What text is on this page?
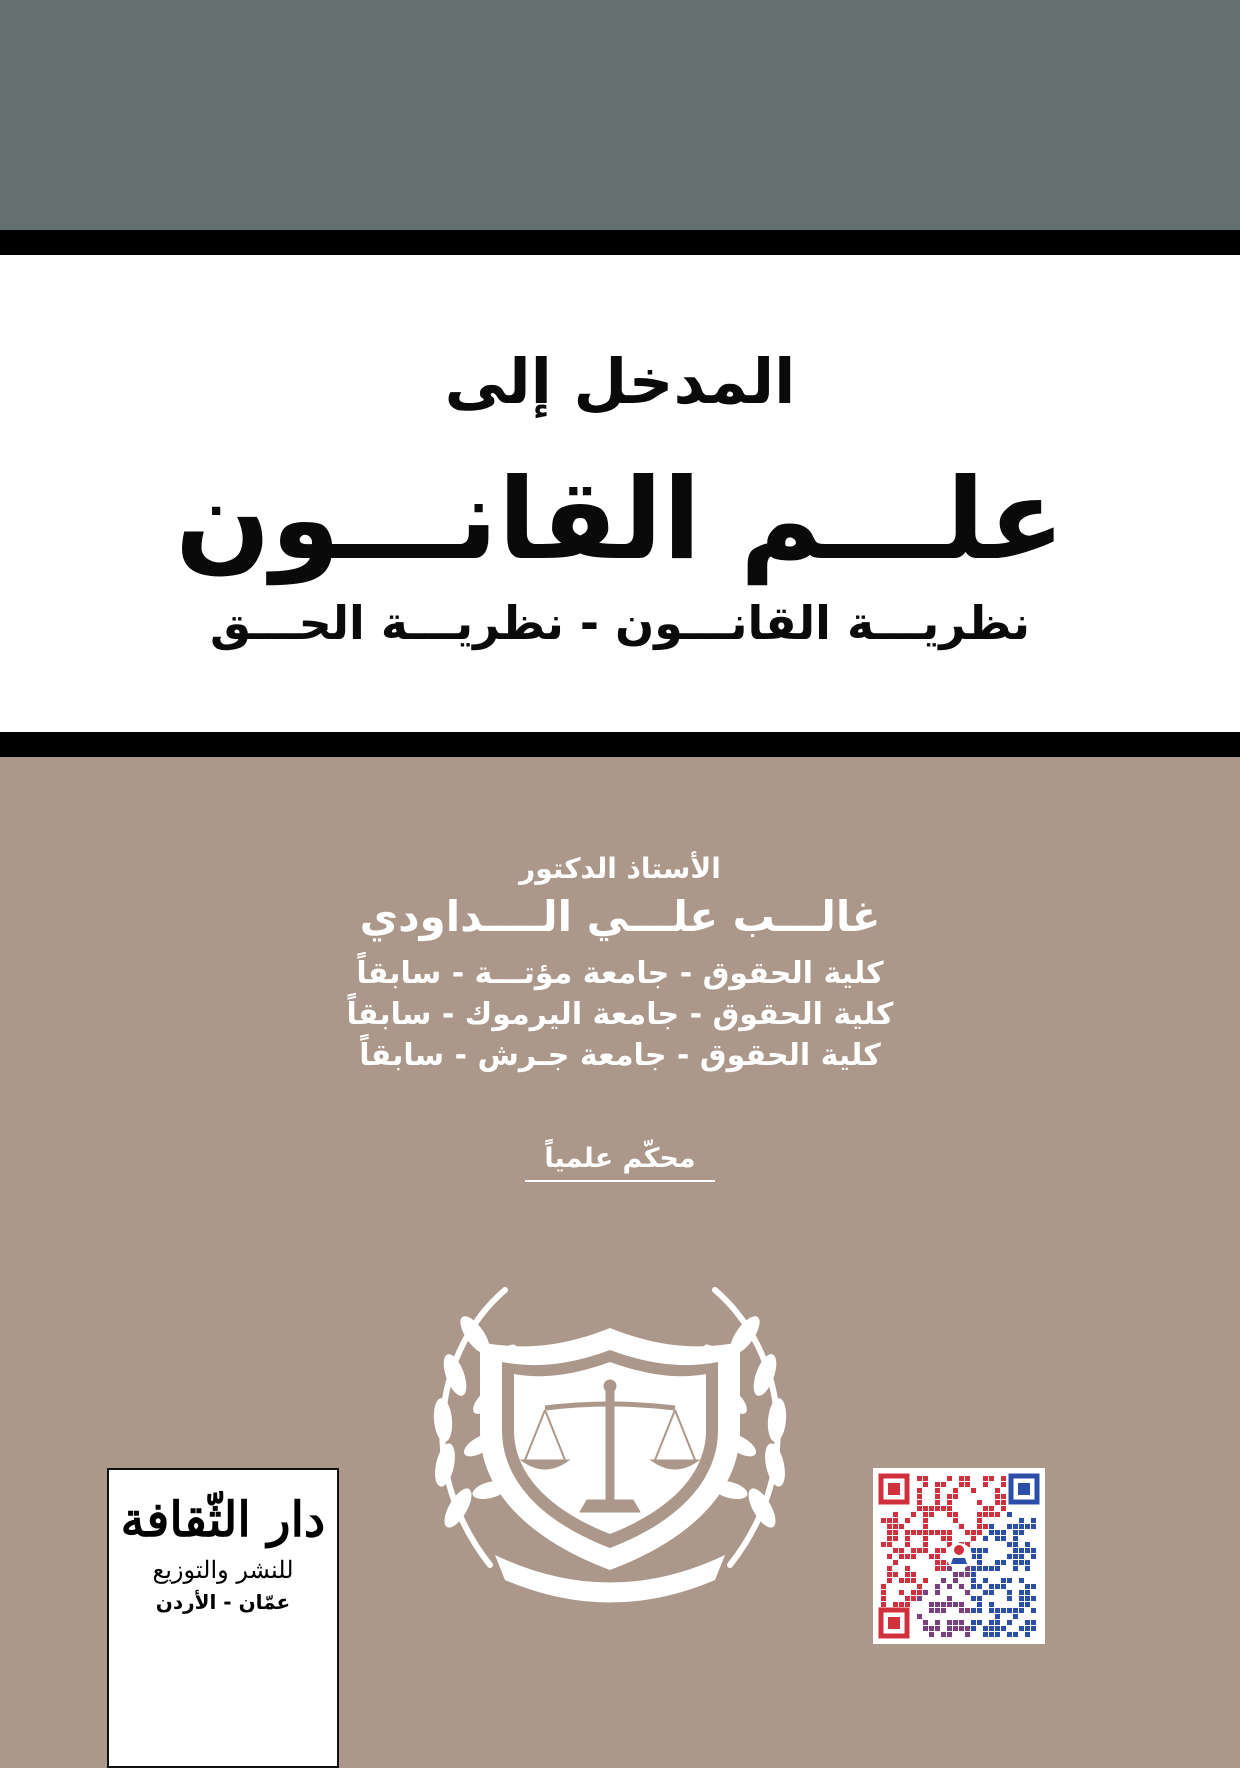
المدخل إلى
علـــم القانـــون
نظريـــة القانـــون - نظريـــة الحـــق
الأستاذ الدكتور
غالـــب علـــي الــــداودي
كلية الحقوق - جامعة مؤتـــة - سابقاً
كلية الحقوق - جامعة اليرموك - سابقاً
كلية الحقوق - جامعة جـرش - سابقاً
محكّم علمياً
دار الثّقافة
للنشر والتوزيع
عمّان - الأردن
